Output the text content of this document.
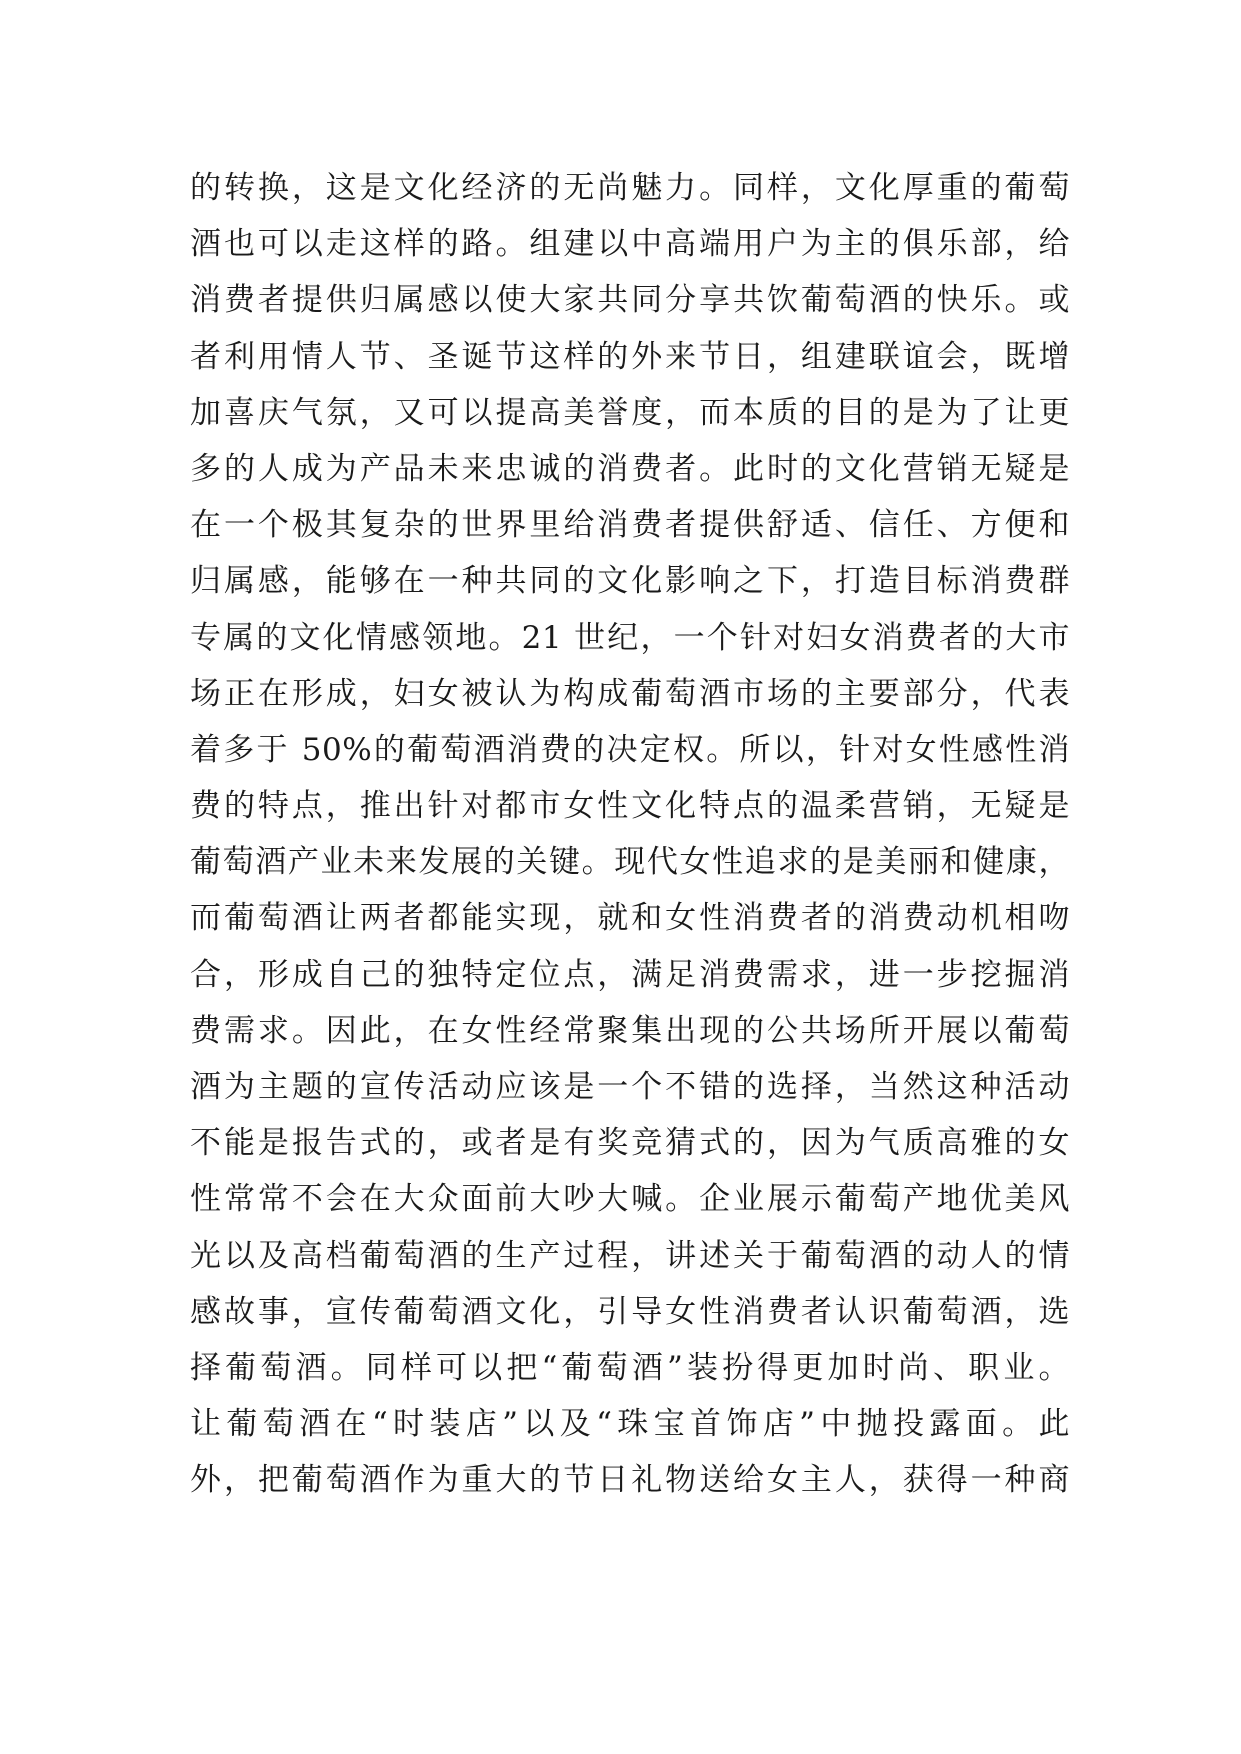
的转换，这是文化经济的无尚魅力。同样，文化厚重的葡萄
酒也可以走这样的路。组建以中高端用户为主的俱乐部，给
消费者提供归属感以使大家共同分享共饮葡萄酒的快乐。或
者利用情人节、圣诞节这样的外来节日，组建联谊会，既增
加喜庆气氛，又可以提高美誉度，而本质的目的是为了让更
多的人成为产品未来忠诚的消费者。此时的文化营销无疑是
在一个极其复杂的世界里给消费者提供舒适、信任、方便和
归属感，能够在一种共同的文化影响之下，打造目标消费群
专属的文化情感领地。21 世纪，一个针对妇女消费者的大市
场正在形成，妇女被认为构成葡萄酒市场的主要部分，代表
着多于 50%的葡萄酒消费的决定权。所以，针对女性感性消
费的特点，推出针对都市女性文化特点的温柔营销，无疑是
葡萄酒产业未来发展的关键。现代女性追求的是美丽和健康，
而葡萄酒让两者都能实现，就和女性消费者的消费动机相吻
合，形成自己的独特定位点，满足消费需求，进一步挖掘消
费需求。因此，在女性经常聚集出现的公共场所开展以葡萄
酒为主题的宣传活动应该是一个不错的选择，当然这种活动
不能是报告式的，或者是有奖竞猜式的，因为气质高雅的女
性常常不会在大众面前大吵大喊。企业展示葡萄产地优美风
光以及高档葡萄酒的生产过程，讲述关于葡萄酒的动人的情
感故事，宣传葡萄酒文化，引导女性消费者认识葡萄酒，选
择葡萄酒。同样可以把“葡萄酒”装扮得更加时尚、职业。
让葡萄酒在“时装店”以及“珠宝首饰店”中抛投露面。此
外，把葡萄酒作为重大的节日礼物送给女主人，获得一种商
